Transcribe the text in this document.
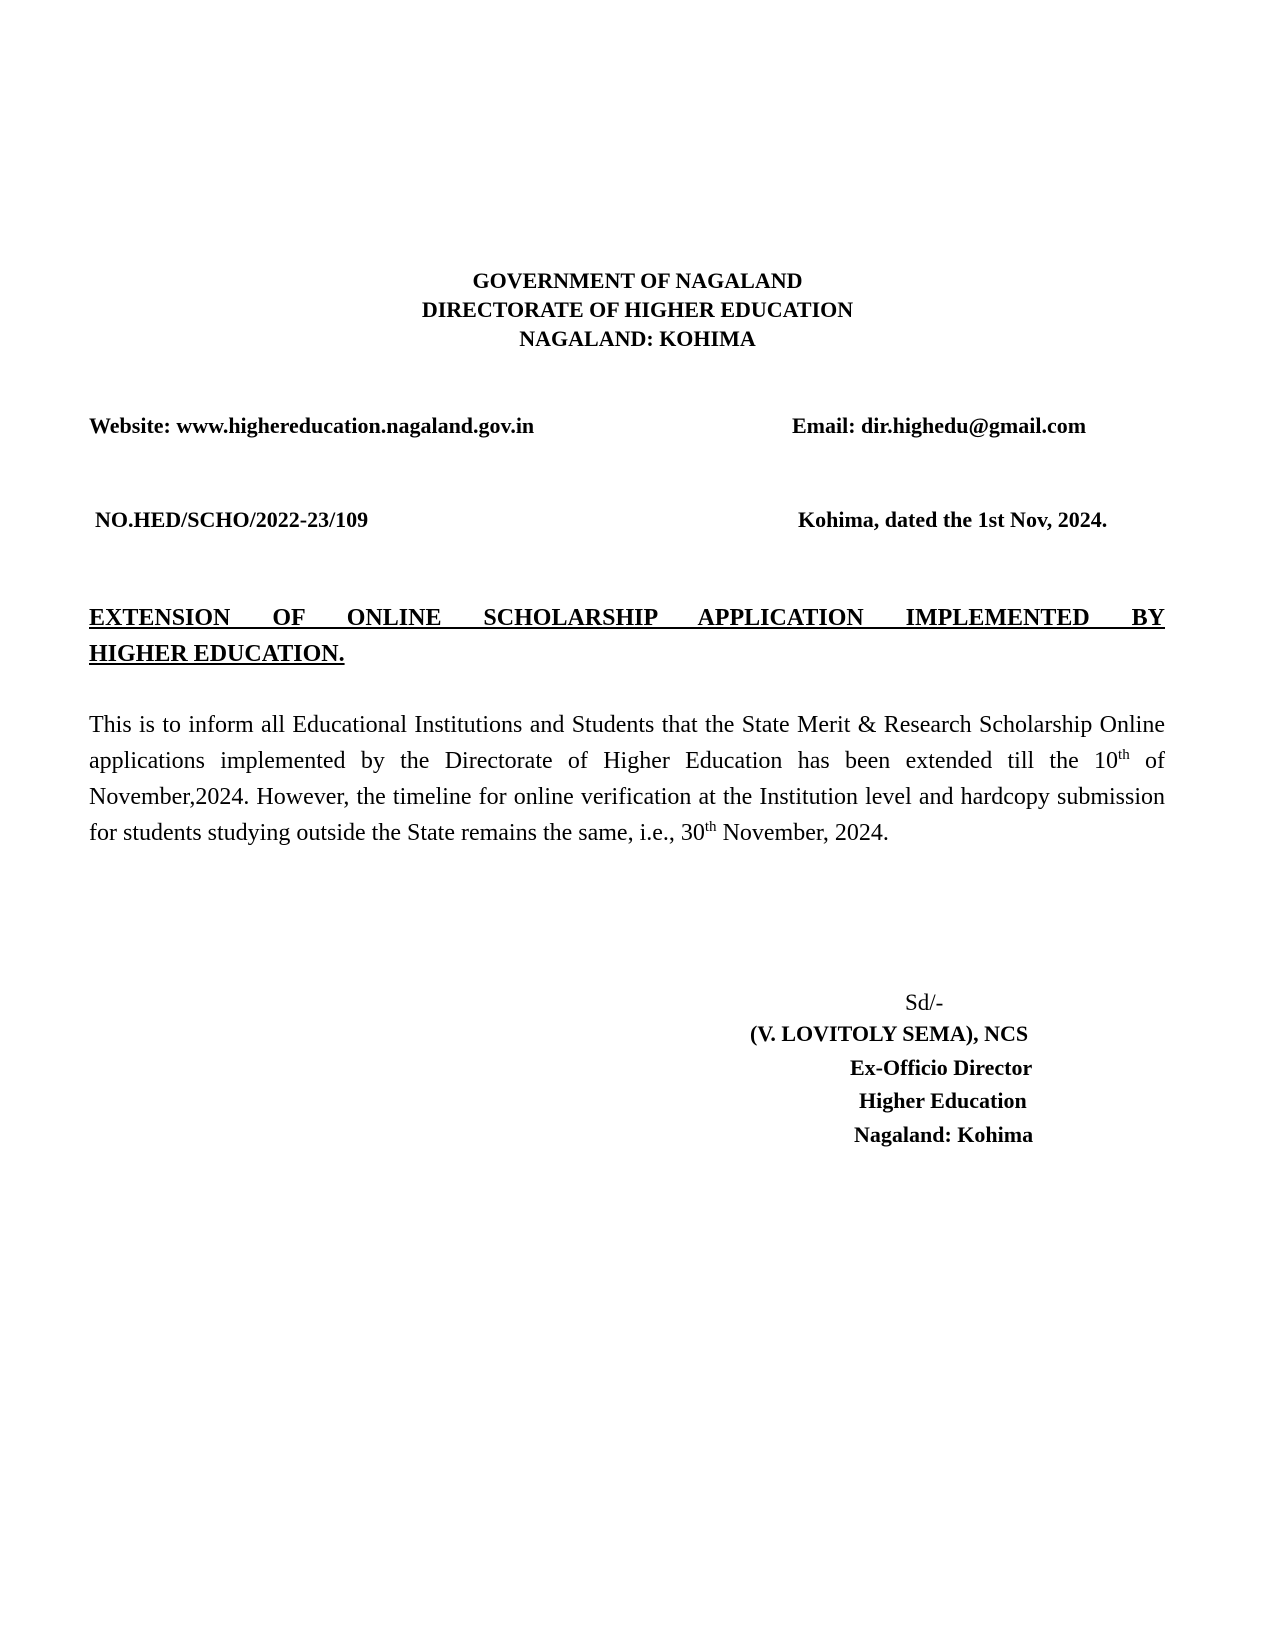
GOVERNMENT OF NAGALAND
DIRECTORATE OF HIGHER EDUCATION
NAGALAND: KOHIMA
Website: www.highereducation.nagaland.gov.in	Email: dir.highedu@gmail.com
NO.HED/SCHO/2022-23/109	Kohima, dated the 1st Nov, 2024.
EXTENSION OF ONLINE SCHOLARSHIP APPLICATION IMPLEMENTED BY
HIGHER EDUCATION.
This is to inform all Educational Institutions and Students that the State Merit & Research Scholarship Online applications implemented by the Directorate of Higher Education has been extended till the 10th of November,2024. However, the timeline for online verification at the Institution level and hardcopy submission for students studying outside the State remains the same, i.e., 30th November, 2024.
Sd/-
(V. LOVITOLY SEMA), NCS
Ex-Officio Director
Higher Education
Nagaland: Kohima
